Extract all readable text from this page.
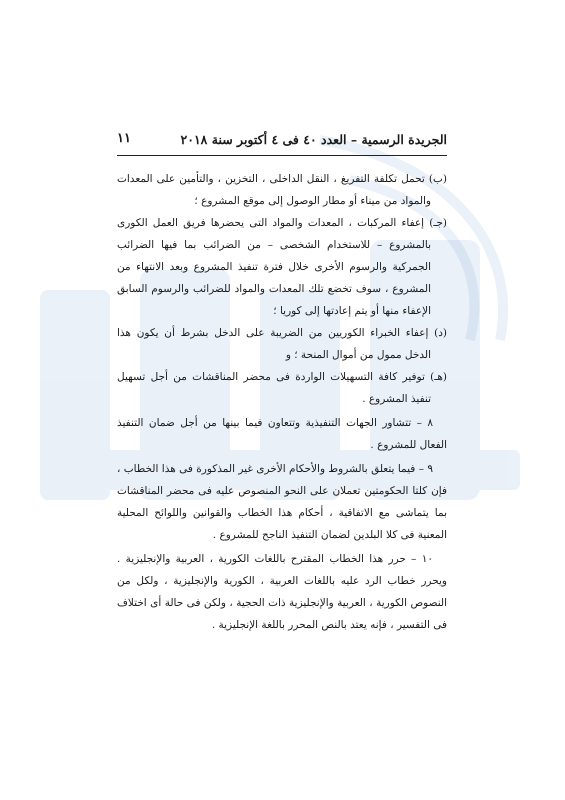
الجريدة الرسمية – العدد ٤٠ فى ٤ أكتوبر سنة ٢٠١٨
١١

(ب) تحمل تكلفة التفريغ ، النقل الداخلى ، التخزين ، والتأمين على المعدات والمواد من ميناء أو مطار الوصول إلى موقع المشروع ؛

(جـ) إعفاء المركبات ، المعدات والمواد التى يحضرها فريق العمل الكورى بالمشروع – للاستخدام الشخصى – من الضرائب بما فيها الضرائب الجمركية والرسوم الأخرى خلال فترة تنفيذ المشروع وبعد الانتهاء من المشروع ، سوف تخضع تلك المعدات والمواد للضرائب والرسوم السابق الإعفاء منها أو يتم إعادتها إلى كوريا ؛

(د) إعفاء الخبراء الكوريين من الضريبة على الدخل بشرط أن يكون هذا الدخل ممول من أموال المنحة ؛ و

(هـ) توفير كافة التسهيلات الواردة فى محضر المناقشات من أجل تسهيل تنفيذ المشروع .

٨ – تتشاور الجهات التنفيذية وتتعاون فيما بينها من أجل ضمان التنفيذ الفعال للمشروع .

٩ – فيما يتعلق بالشروط والأحكام الأخرى غير المذكورة فى هذا الخطاب ، فإن كلتا الحكومتين تعملان على النحو المنصوص عليه فى محضر المناقشات بما يتماشى مع الاتفاقية ، أحكام هذا الخطاب والقوانين واللوائح المحلية المعنية فى كلا البلدين لضمان التنفيذ الناجح للمشروع .

١٠ – حرر هذا الخطاب المقترح باللغات الكورية ، العربية والإنجليزية . ويحرر خطاب الرد عليه باللغات العربية ، الكورية والإنجليزية ، ولكل من النصوص الكورية ، العربية والإنجليزية ذات الحجية ، ولكن فى حالة أى اختلاف فى التفسير ، فإنه يعتد بالنص المحرر باللغة الإنجليزية .
